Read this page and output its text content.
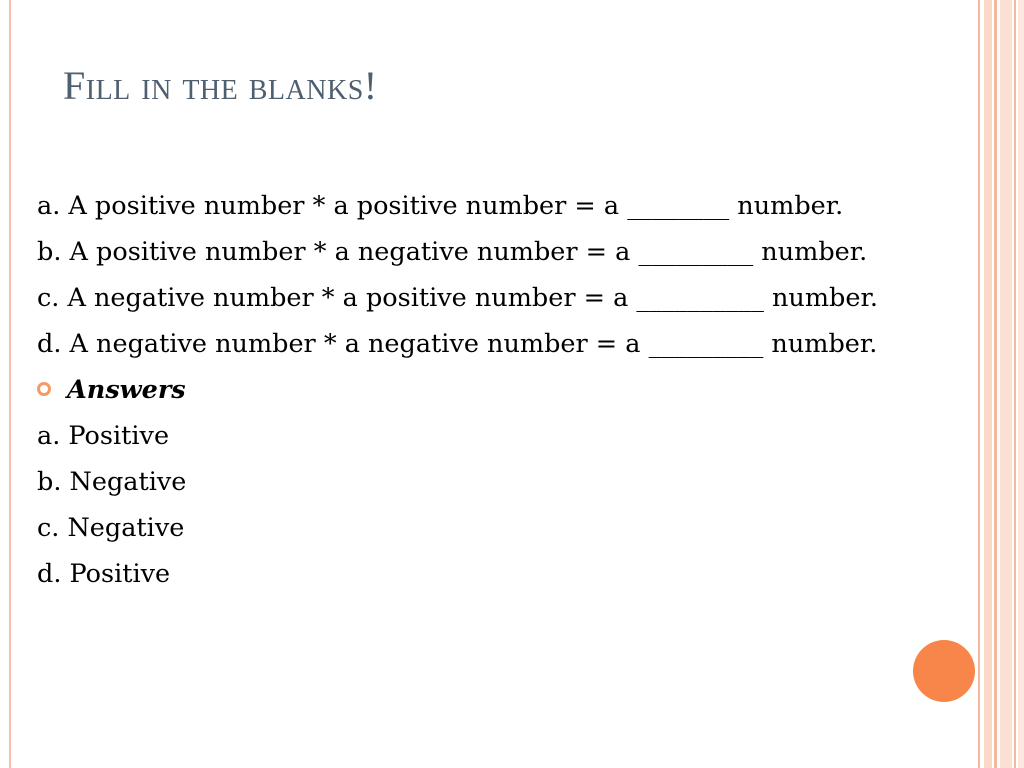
Fill in the blanks!
a. A positive number * a positive number = a ________ number.
b. A positive number * a negative number = a _________ number.
c. A negative number * a positive number = a __________ number.
d. A negative number * a negative number = a _________ number.
Answers
a. Positive
b. Negative
c. Negative
d. Positive
